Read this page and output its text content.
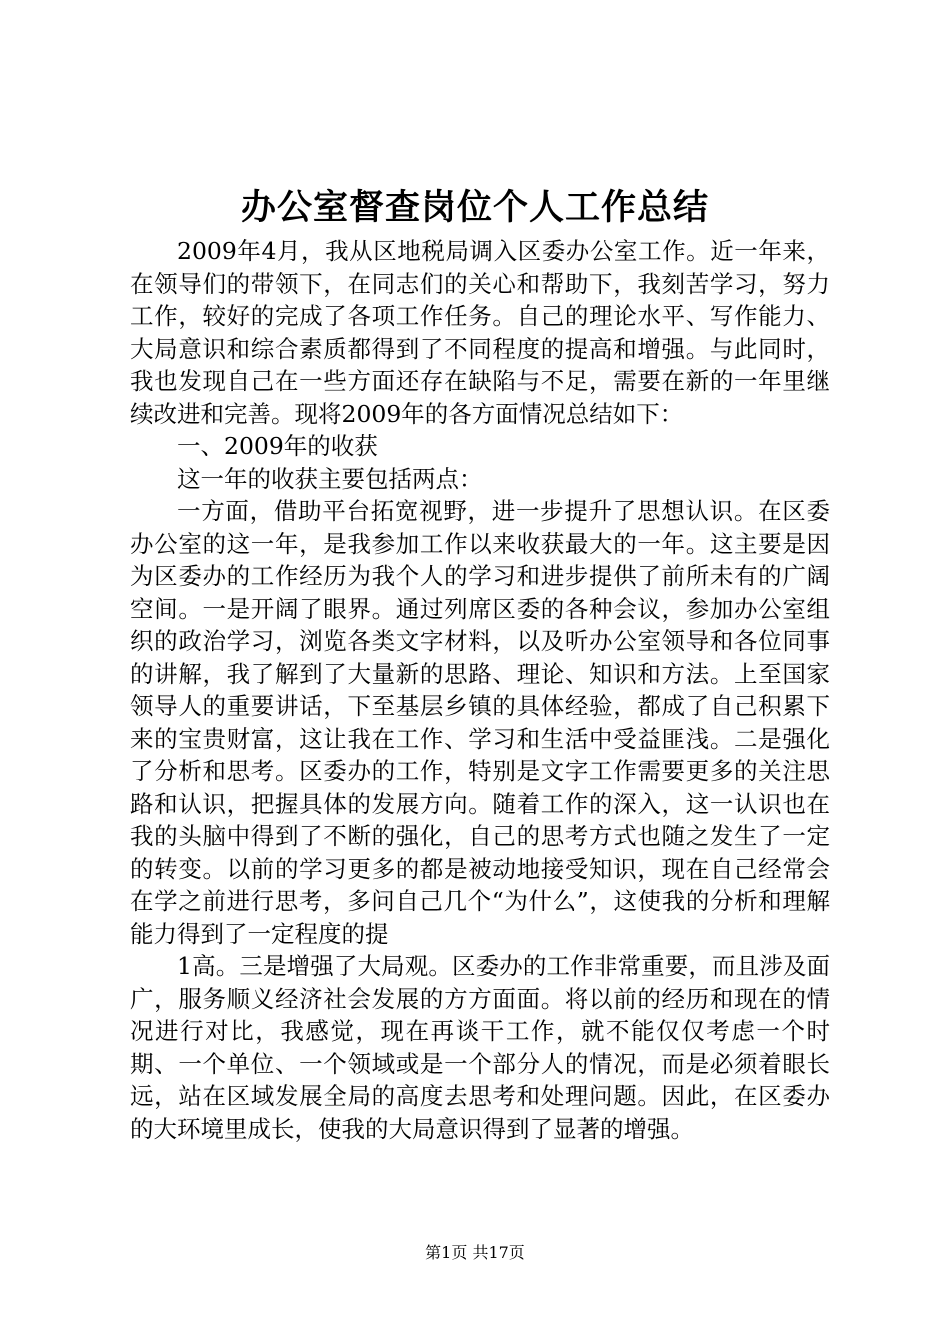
办公室督查岗位个人工作总结

2009年4月，我从区地税局调入区委办公室工作。近一年来，在领导们的带领下，在同志们的关心和帮助下，我刻苦学习，努力工作，较好的完成了各项工作任务。自己的理论水平、写作能力、大局意识和综合素质都得到了不同程度的提高和增强。与此同时，我也发现自己在一些方面还存在缺陷与不足，需要在新的一年里继续改进和完善。现将2009年的各方面情况总结如下：

一、2009年的收获

这一年的收获主要包括两点：

一方面，借助平台拓宽视野，进一步提升了思想认识。在区委办公室的这一年，是我参加工作以来收获最大的一年。这主要是因为区委办的工作经历为我个人的学习和进步提供了前所未有的广阔空间。一是开阔了眼界。通过列席区委的各种会议，参加办公室组织的政治学习，浏览各类文字材料，以及听办公室领导和各位同事的讲解，我了解到了大量新的思路、理论、知识和方法。上至国家领导人的重要讲话，下至基层乡镇的具体经验，都成了自己积累下来的宝贵财富，这让我在工作、学习和生活中受益匪浅。二是强化了分析和思考。区委办的工作，特别是文字工作需要更多的关注思路和认识，把握具体的发展方向。随着工作的深入，这一认识也在我的头脑中得到了不断的强化，自己的思考方式也随之发生了一定的转变。以前的学习更多的都是被动地接受知识，现在自己经常会在学之前进行思考，多问自己几个“为什么”，这使我的分析和理解能力得到了一定程度的提

1高。三是增强了大局观。区委办的工作非常重要，而且涉及面广，服务顺义经济社会发展的方方面面。将以前的经历和现在的情况进行对比，我感觉，现在再谈干工作，就不能仅仅考虑一个时期、一个单位、一个领域或是一个部分人的情况，而是必须着眼长远，站在区域发展全局的高度去思考和处理问题。因此，在区委办的大环境里成长，使我的大局意识得到了显著的增强。

第1页 共17页
